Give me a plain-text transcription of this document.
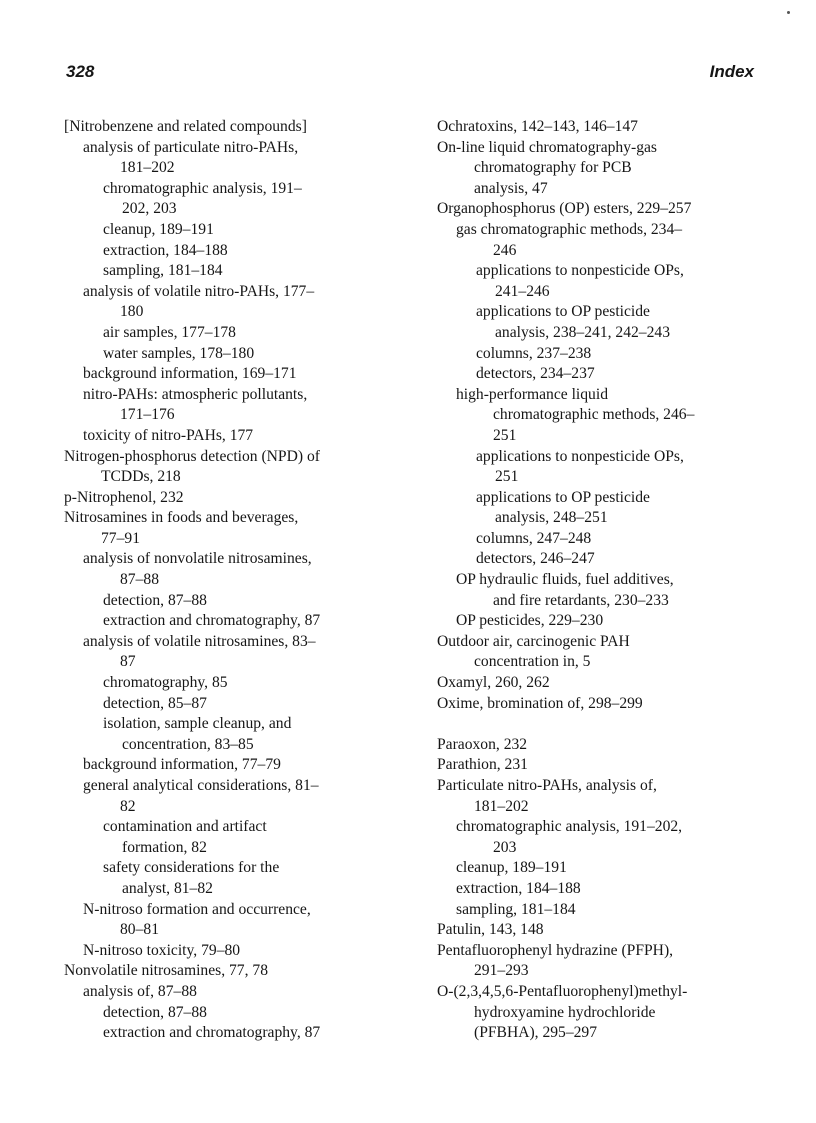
328	Index
[Nitrobenzene and related compounds]
analysis of particulate nitro-PAHs,
181–202
chromatographic analysis, 191–
202, 203
cleanup, 189–191
extraction, 184–188
sampling, 181–184
analysis of volatile nitro-PAHs, 177–
180
air samples, 177–178
water samples, 178–180
background information, 169–171
nitro-PAHs: atmospheric pollutants,
171–176
toxicity of nitro-PAHs, 177
Nitrogen-phosphorus detection (NPD) of
TCDDs, 218
p-Nitrophenol, 232
Nitrosamines in foods and beverages,
77–91
analysis of nonvolatile nitrosamines,
87–88
detection, 87–88
extraction and chromatography, 87
analysis of volatile nitrosamines, 83–
87
chromatography, 85
detection, 85–87
isolation, sample cleanup, and
concentration, 83–85
background information, 77–79
general analytical considerations, 81–
82
contamination and artifact
formation, 82
safety considerations for the
analyst, 81–82
N-nitroso formation and occurrence,
80–81
N-nitroso toxicity, 79–80
Nonvolatile nitrosamines, 77, 78
analysis of, 87–88
detection, 87–88
extraction and chromatography, 87
Ochratoxins, 142–143, 146–147
On-line liquid chromatography-gas
chromatography for PCB
analysis, 47
Organophosphorus (OP) esters, 229–257
gas chromatographic methods, 234–
246
applications to nonpesticide OPs,
241–246
applications to OP pesticide
analysis, 238–241, 242–243
columns, 237–238
detectors, 234–237
high-performance liquid
chromatographic methods, 246–
251
applications to nonpesticide OPs,
251
applications to OP pesticide
analysis, 248–251
columns, 247–248
detectors, 246–247
OP hydraulic fluids, fuel additives,
and fire retardants, 230–233
OP pesticides, 229–230
Outdoor air, carcinogenic PAH
concentration in, 5
Oxamyl, 260, 262
Oxime, bromination of, 298–299
Paraoxon, 232
Parathion, 231
Particulate nitro-PAHs, analysis of,
181–202
chromatographic analysis, 191–202,
203
cleanup, 189–191
extraction, 184–188
sampling, 181–184
Patulin, 143, 148
Pentafluorophenyl hydrazine (PFPH),
291–293
O-(2,3,4,5,6-Pentafluorophenyl)methyl-
hydroxyamine hydrochloride
(PFBHA), 295–297
